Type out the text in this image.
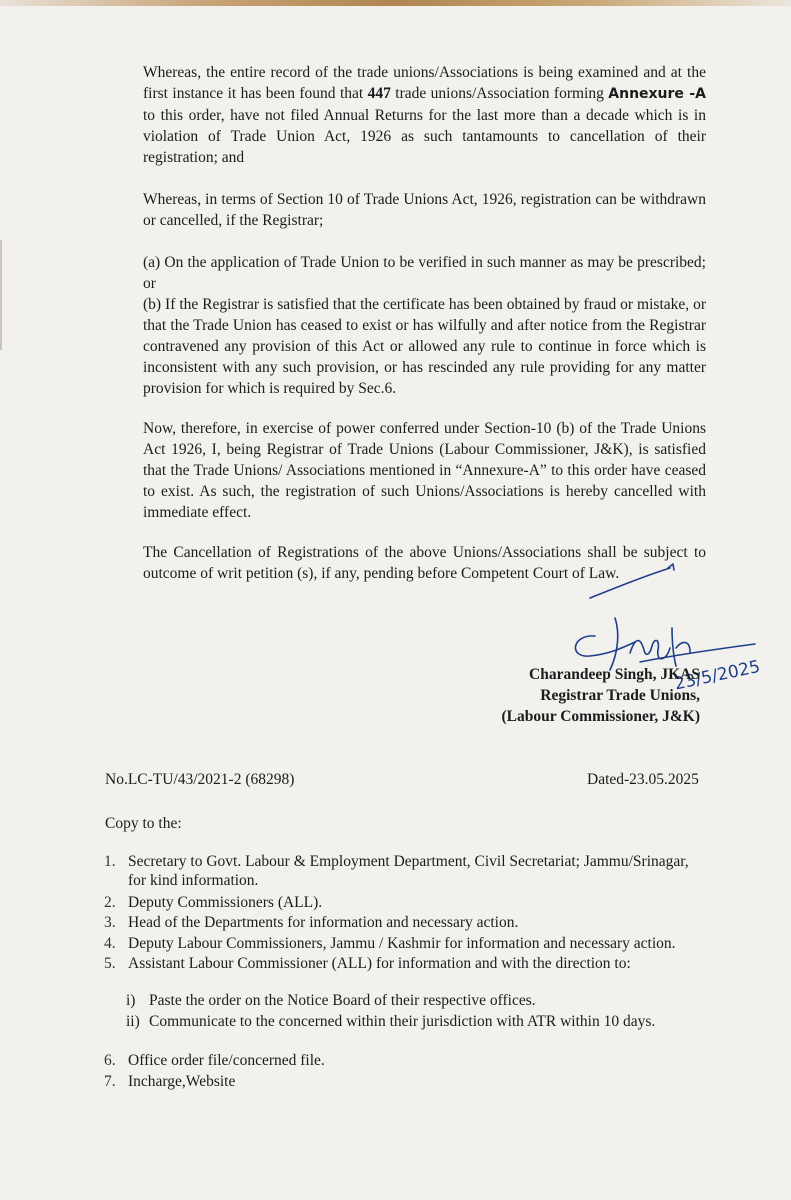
Whereas, the entire record of the trade unions/Associations is being examined and at the first instance it has been found that 447 trade unions/Association forming Annexure -A to this order, have not filed Annual Returns for the last more than a decade which is in violation of Trade Union Act, 1926 as such tantamounts to cancellation of their registration; and

Whereas, in terms of Section 10 of Trade Unions Act, 1926, registration can be withdrawn or cancelled, if the Registrar;

(a) On the application of Trade Union to be verified in such manner as may be prescribed; or
(b) If the Registrar is satisfied that the certificate has been obtained by fraud or mistake, or that the Trade Union has ceased to exist or has wilfully and after notice from the Registrar contravened any provision of this Act or allowed any rule to continue in force which is inconsistent with any such provision, or has rescinded any rule providing for any matter provision for which is required by Sec.6.

Now, therefore, in exercise of power conferred under Section-10 (b) of the Trade Unions Act 1926, I, being Registrar of Trade Unions (Labour Commissioner, J&K), is satisfied that the Trade Unions/ Associations mentioned in “Annexure-A” to this order have ceased to exist. As such, the registration of such Unions/Associations is hereby cancelled with immediate effect.

The Cancellation of Registrations of the above Unions/Associations shall be subject to outcome of writ petition (s), if any, pending before Competent Court of Law.

23/5/2025
Charandeep Singh, JKAS
Registrar Trade Unions,
(Labour Commissioner, J&K)
No.LC-TU/43/2021-2 (68298)	Dated-23.05.2025
Copy to the:
1. Secretary to Govt. Labour & Employment Department, Civil Secretariat; Jammu/Srinagar, for kind information.
2. Deputy Commissioners (ALL).
3. Head of the Departments for information and necessary action.
4. Deputy Labour Commissioners, Jammu / Kashmir for information and necessary action.
5. Assistant Labour Commissioner (ALL) for information and with the direction to:
i) Paste the order on the Notice Board of their respective offices.
ii) Communicate to the concerned within their jurisdiction with ATR within 10 days.
6. Office order file/concerned file.
7. Incharge,Website
